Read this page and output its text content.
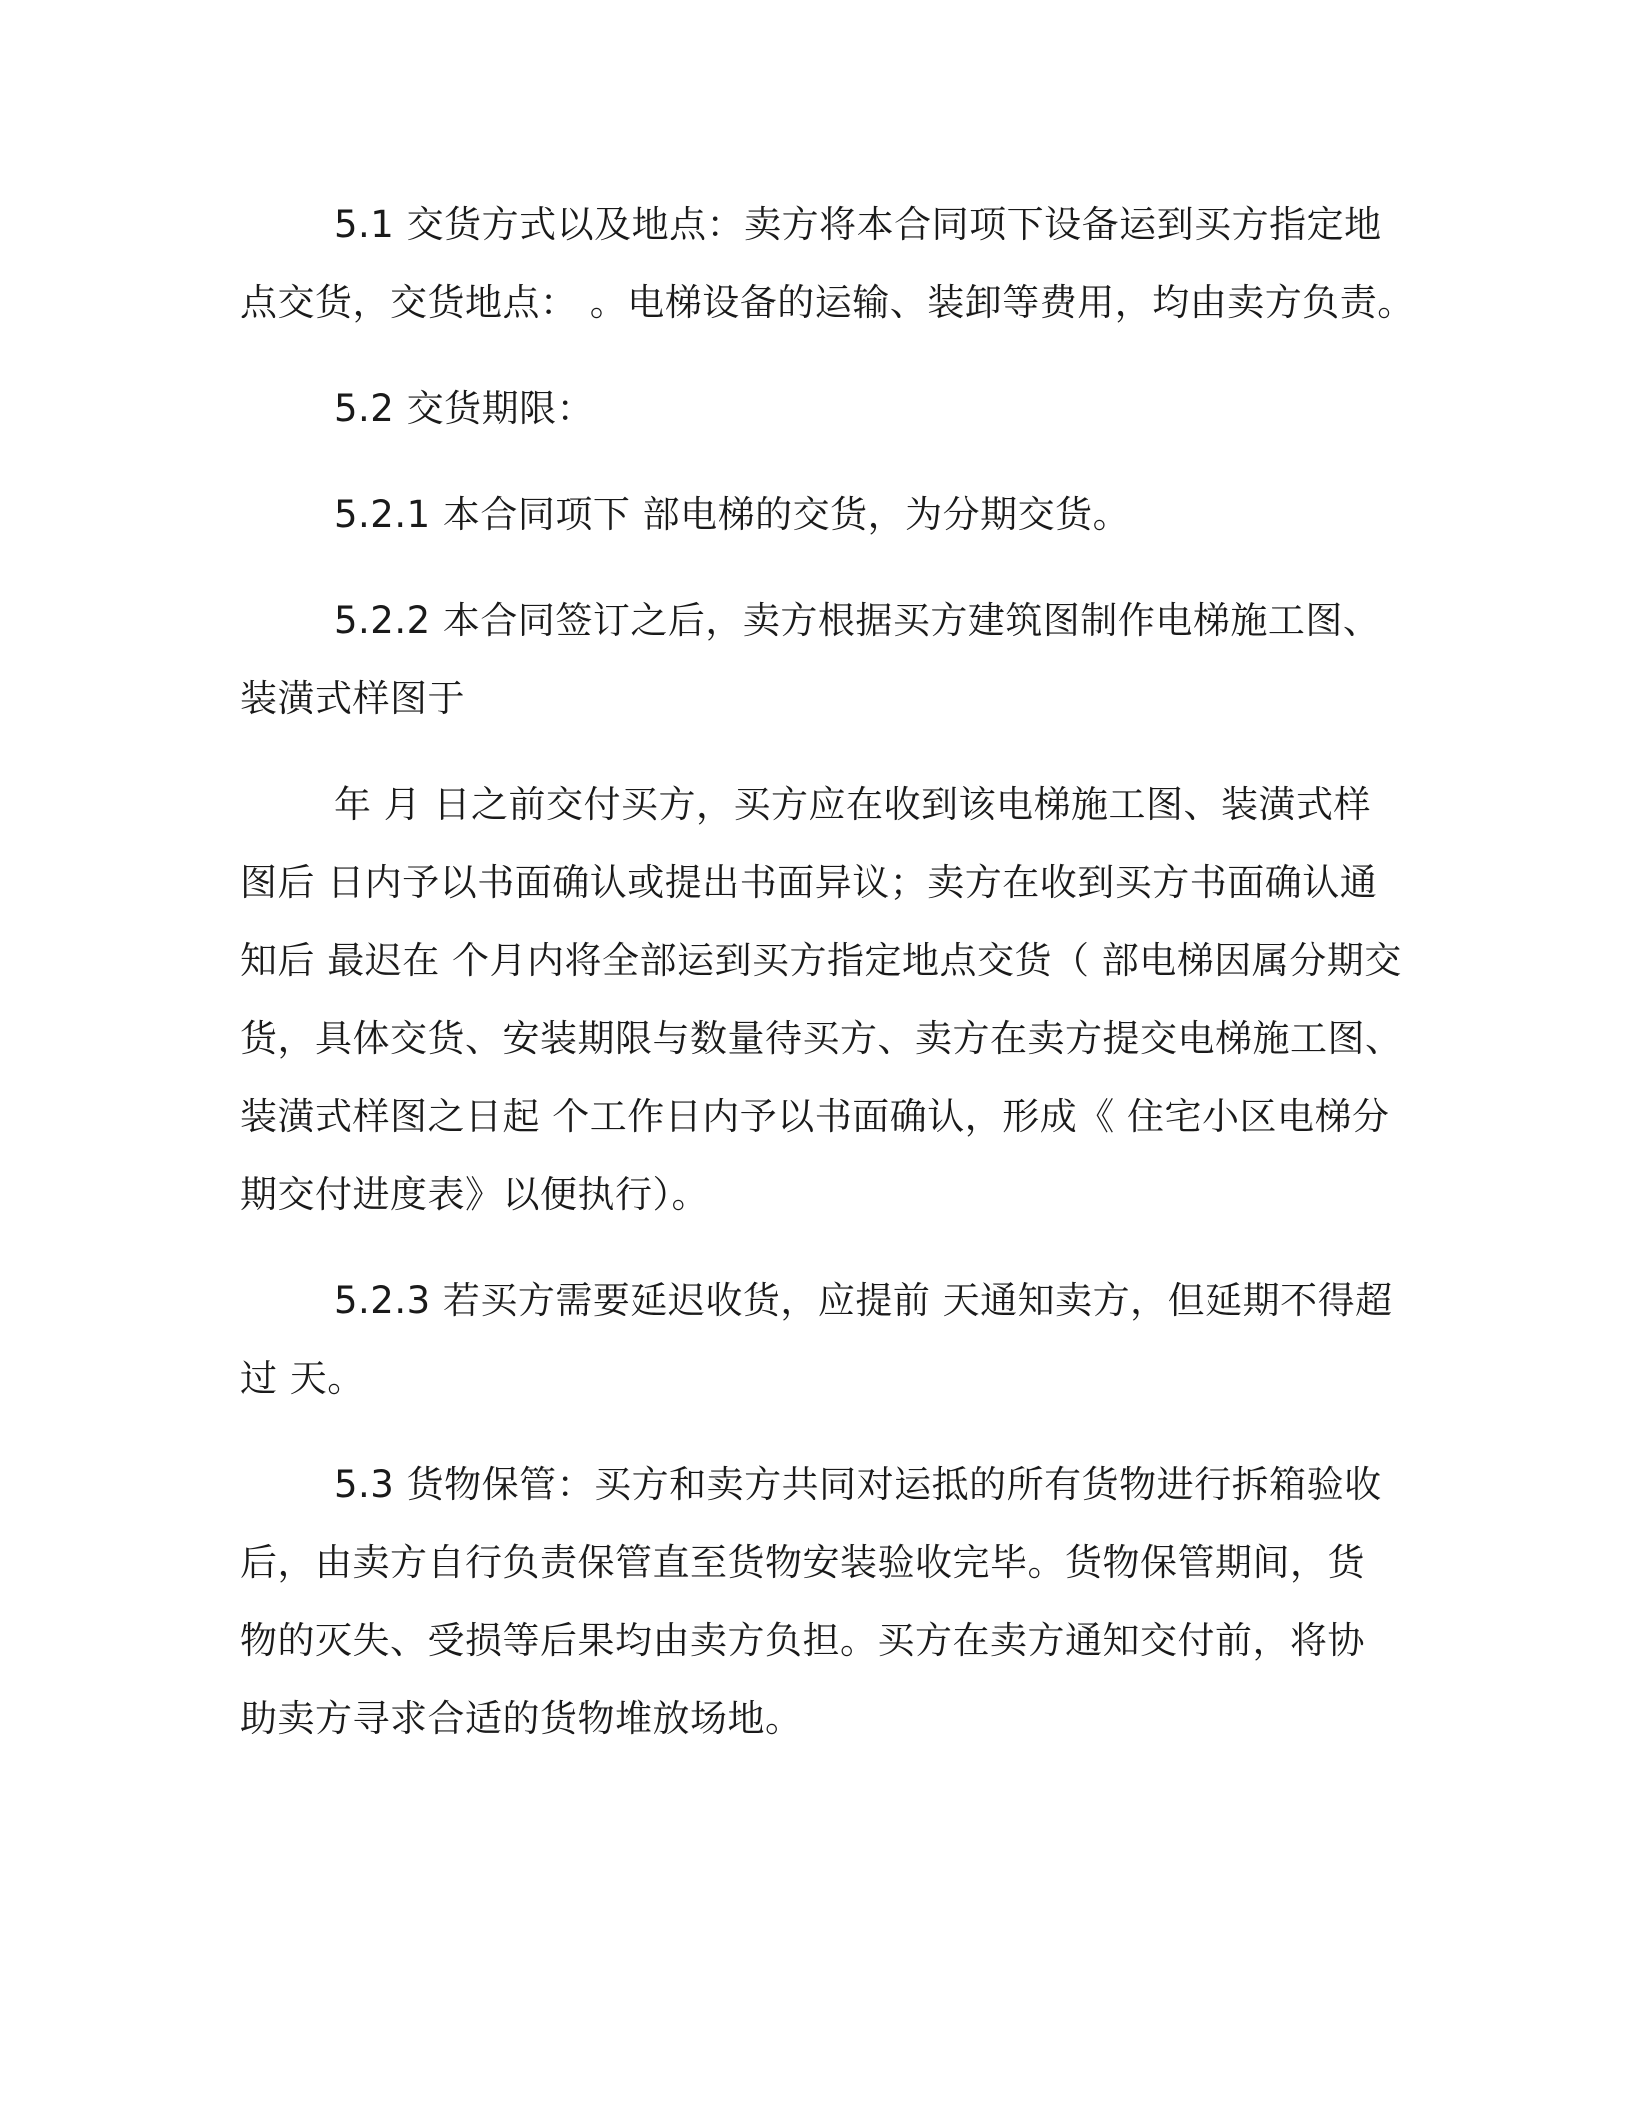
5.1 交货方式以及地点：卖方将本合同项下设备运到买方指定地
点交货，交货地点： 。电梯设备的运输、装卸等费用，均由卖方负责。
5.2 交货期限：
5.2.1 本合同项下 部电梯的交货，为分期交货。
5.2.2 本合同签订之后，卖方根据买方建筑图制作电梯施工图、
装潢式样图于
年 月 日之前交付买方，买方应在收到该电梯施工图、装潢式样
图后 日内予以书面确认或提出书面异议；卖方在收到买方书面确认通
知后 最迟在 个月内将全部运到买方指定地点交货（ 部电梯因属分期交
货，具体交货、安装期限与数量待买方、卖方在卖方提交电梯施工图、
装潢式样图之日起 个工作日内予以书面确认，形成《 住宅小区电梯分
期交付进度表》以便执行）。
5.2.3 若买方需要延迟收货，应提前 天通知卖方，但延期不得超
过 天。
5.3 货物保管：买方和卖方共同对运抵的所有货物进行拆箱验收
后，由卖方自行负责保管直至货物安装验收完毕。货物保管期间，货
物的灭失、受损等后果均由卖方负担。买方在卖方通知交付前，将协
助卖方寻求合适的货物堆放场地。
